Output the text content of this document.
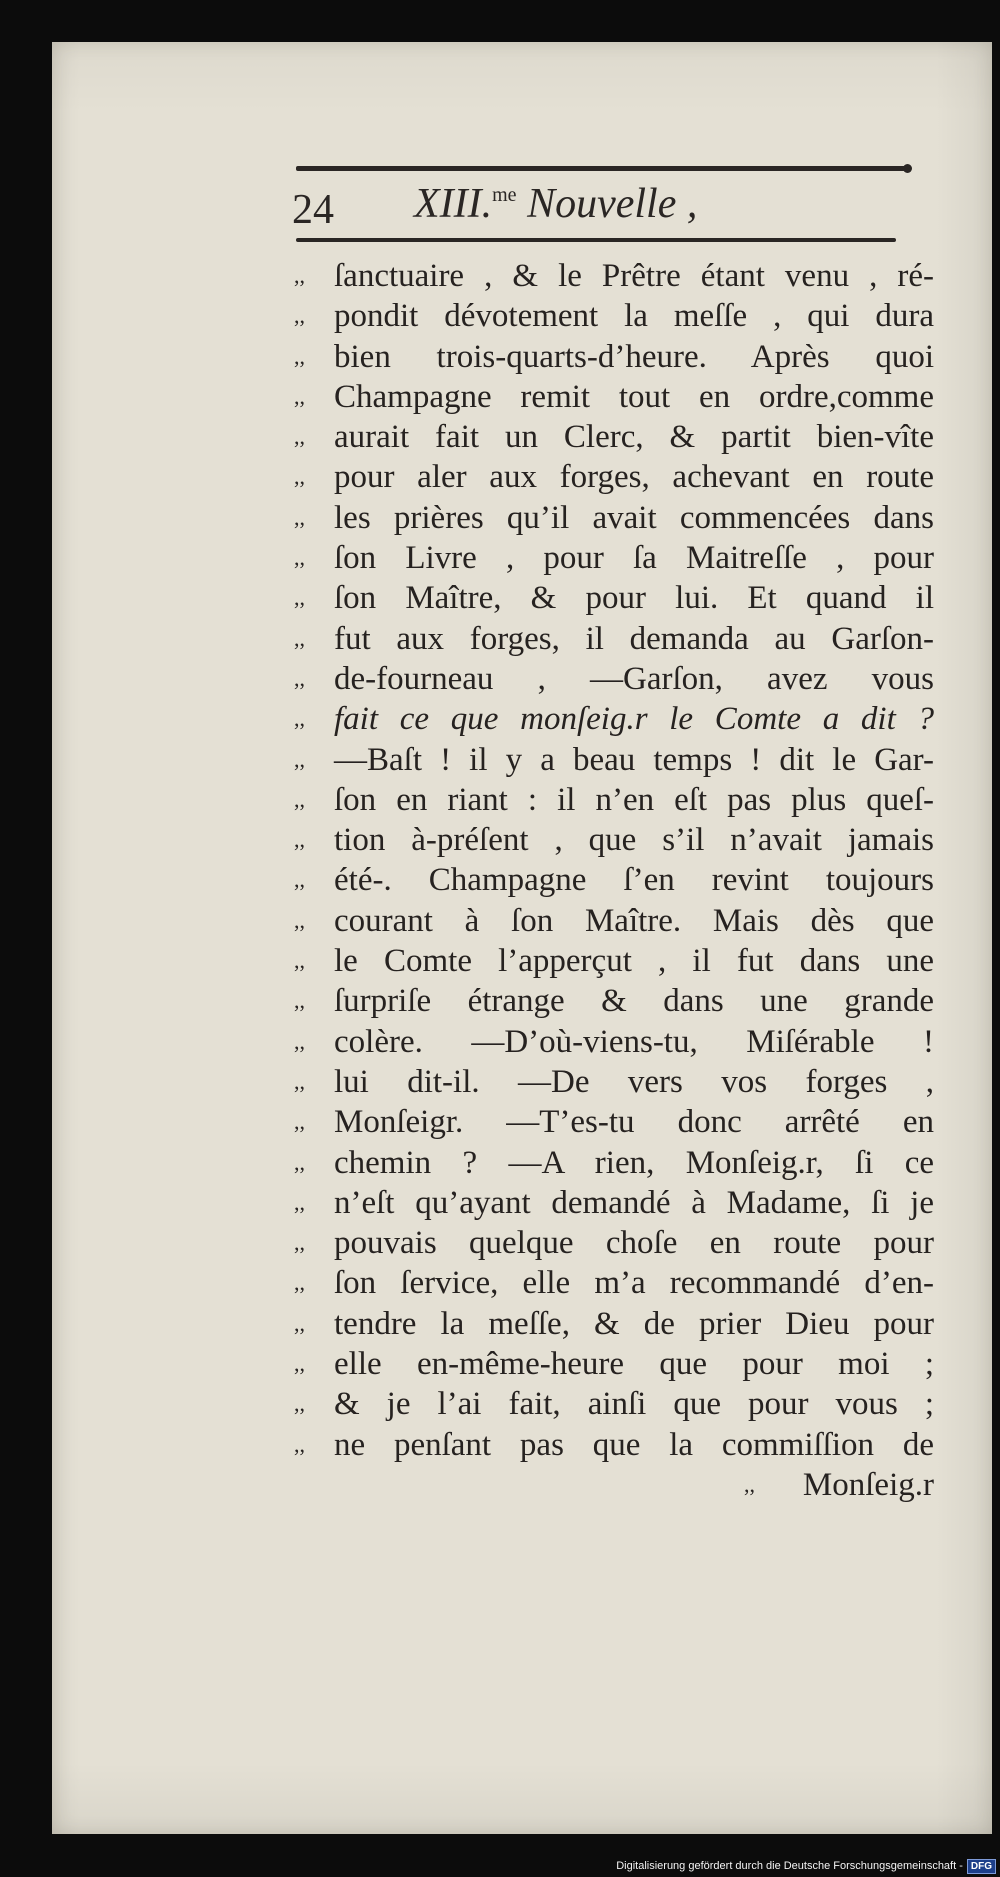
24 XIII.$^{me}$ Nouvelle ,
,, ſanctuaire , & le Prêtre étant venu , ré-
,, pondit dévotement la meſſe , qui dura
,, bien trois-quarts-d’heure. Après quoi
,, Champagne remit tout en ordre,comme
,, aurait fait un Clerc, & partit bien-vîte
,, pour aler aux forges, achevant en route
,, les prières qu’il avait commencées dans
,, ſon Livre , pour ſa Maitreſſe , pour
,, ſon Maître, & pour lui. Et quand il
,, fut aux forges, il demanda au Garſon-
,, de-fourneau , —Garſon, avez vous
,, fait ce que monſeig.r le Comte a dit ?
,, —Baſt ! il y a beau temps ! dit le Gar-
,, ſon en riant : il n’en eſt pas plus queſ-
,, tion à-préſent , que s’il n’avait jamais
,, été-. Champagne ſ’en revint toujours
,, courant à ſon Maître. Mais dès que
,, le Comte l’apperçut , il fut dans une
,, ſurpriſe étrange & dans une grande
,, colère. —D’où-viens-tu, Miſérable !
,, lui dit-il. —De vers vos forges ,
,, Monſeigr. —T’es-tu donc arrêté en
,, chemin ? —A rien, Monſeig.r, ſi ce
,, n’eſt qu’ayant demandé à Madame, ſi je
,, pouvais quelque choſe en route pour
,, ſon ſervice, elle m’a recommandé d’en-
,, tendre la meſſe, & de prier Dieu pour
,, elle en-même-heure que pour moi ;
,, & je l’ai fait, ainſi que pour vous ;
,, ne penſant pas que la commiſſion de
,,	Monſeig.r
Digitalisierung gefördert durch die Deutsche Forschungsgemeinschaft - DFG
